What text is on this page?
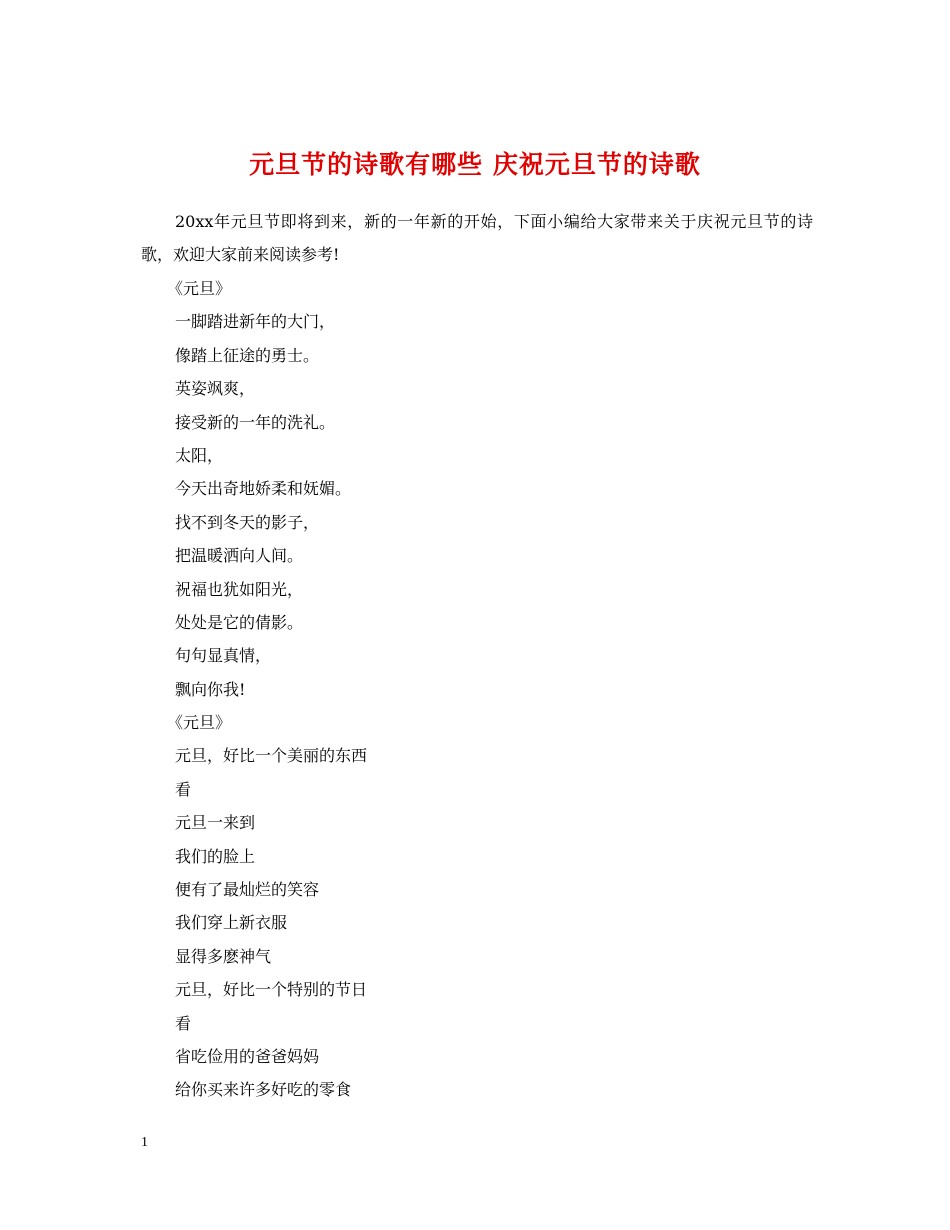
元旦节的诗歌有哪些 庆祝元旦节的诗歌

20xx年元旦节即将到来，新的一年新的开始，下面小编给大家带来关于庆祝元旦节的诗歌，欢迎大家前来阅读参考!

《元旦》
一脚踏进新年的大门，
像踏上征途的勇士。
英姿飒爽，
接受新的一年的洗礼。
太阳，
今天出奇地娇柔和妩媚。
找不到冬天的影子，
把温暖洒向人间。
祝福也犹如阳光，
处处是它的倩影。
句句显真情，
飘向你我!
《元旦》
元旦，好比一个美丽的东西
看
元旦一来到
我们的脸上
便有了最灿烂的笑容
我们穿上新衣服
显得多麽神气
元旦，好比一个特别的节日
看
省吃俭用的爸爸妈妈
给你买来许多好吃的零食
1
